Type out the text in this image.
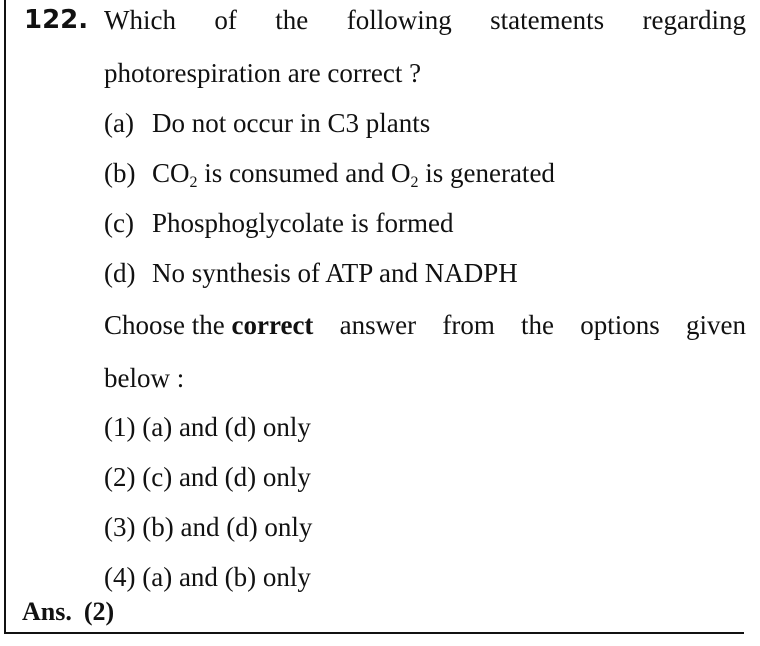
122. Which of the following statements regarding
photorespiration are correct ?
(a) Do not occur in C3 plants
(b) $CO_2$ is consumed and $O_2$ is generated
(c) Phosphoglycolate is formed
(d) No synthesis of ATP and NADPH
Choose the correct answer from the options given
below :
(1) (a) and (d) only
(2) (c) and (d) only
(3) (b) and (d) only
(4) (a) and (b) only
Ans. (2)
